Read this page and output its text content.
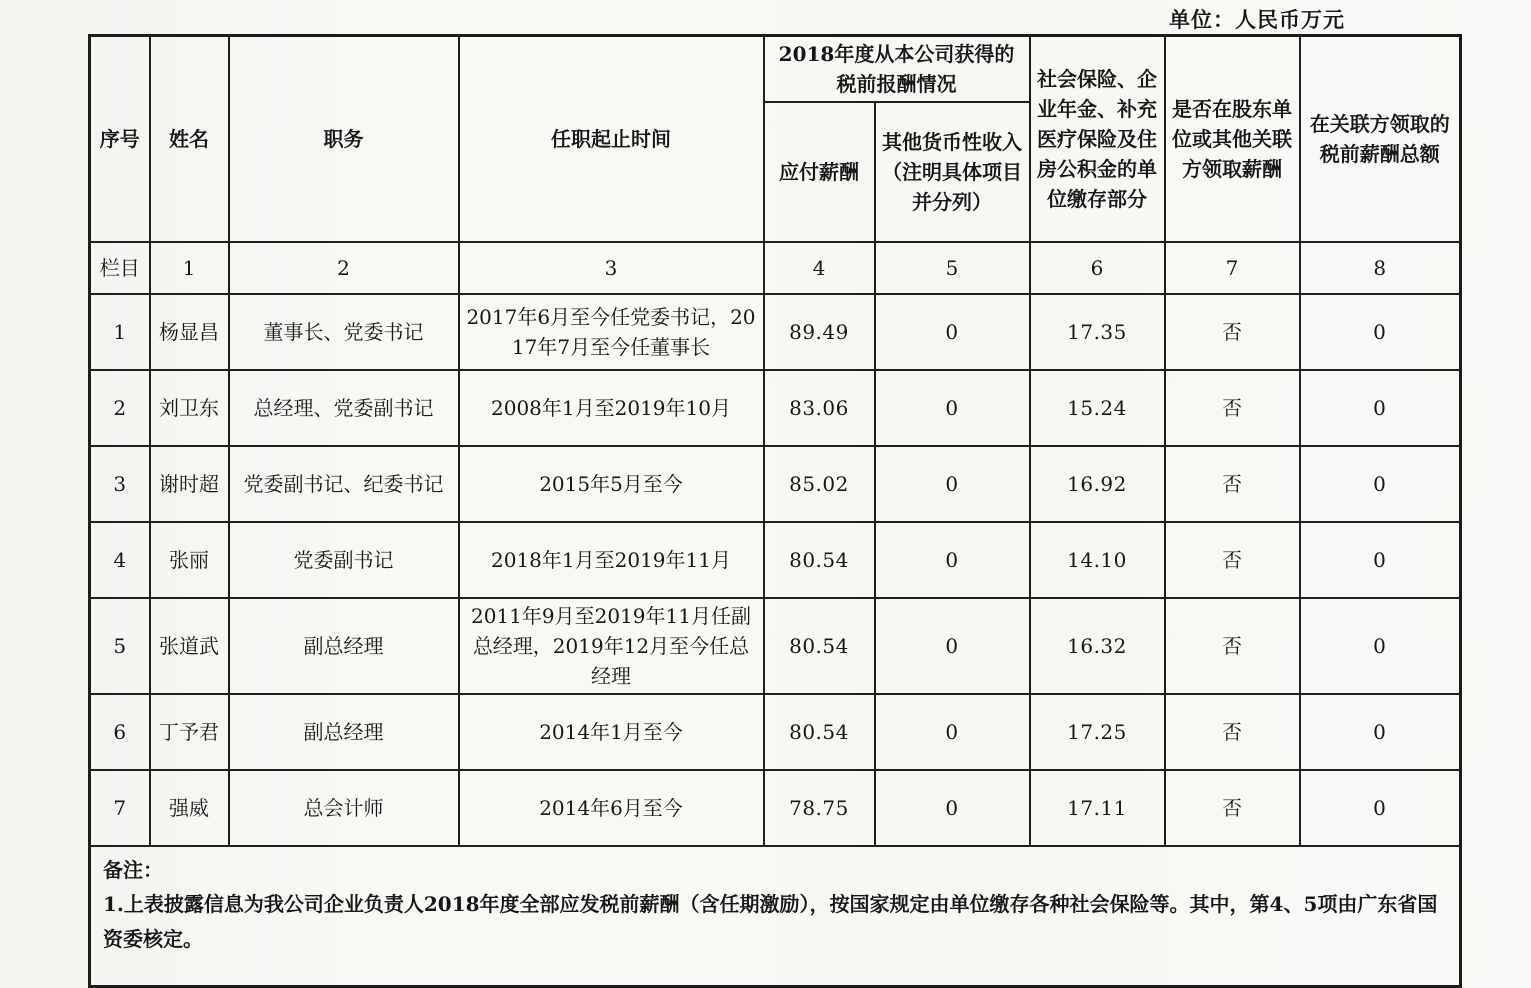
单位：人民币万元
序号	姓名	职务	任职起止时间	2018年度从本公司获得的税前报酬情况		社会保险、企业年金、补充医疗保险及住房公积金的单位缴存部分	是否在股东单位或其他关联方领取薪酬	在关联方领取的税前薪酬总额
				应付薪酬	其他货币性收入（注明具体项目并分列）			
栏目	1	2	3	4	5	6	7	8
1	杨显昌	董事长、党委书记	2017年6月至今任党委书记，2017年7月至今任董事长	89.49	0	17.35	否	0
2	刘卫东	总经理、党委副书记	2008年1月至2019年10月	83.06	0	15.24	否	0
3	谢时超	党委副书记、纪委书记	2015年5月至今	85.02	0	16.92	否	0
4	张丽	党委副书记	2018年1月至2019年11月	80.54	0	14.10	否	0
5	张道武	副总经理	2011年9月至2019年11月任副总经理，2019年12月至今任总经理	80.54	0	16.32	否	0
6	丁予君	副总经理	2014年1月至今	80.54	0	17.25	否	0
7	强威	总会计师	2014年6月至今	78.75	0	17.11	否	0

备注：

1.上表披露信息为我公司企业负责人2018年度全部应发税前薪酬（含任期激励），按国家规定由单位缴存各种社会保险等。其中，第4、5项由广东省国资委核定。								
